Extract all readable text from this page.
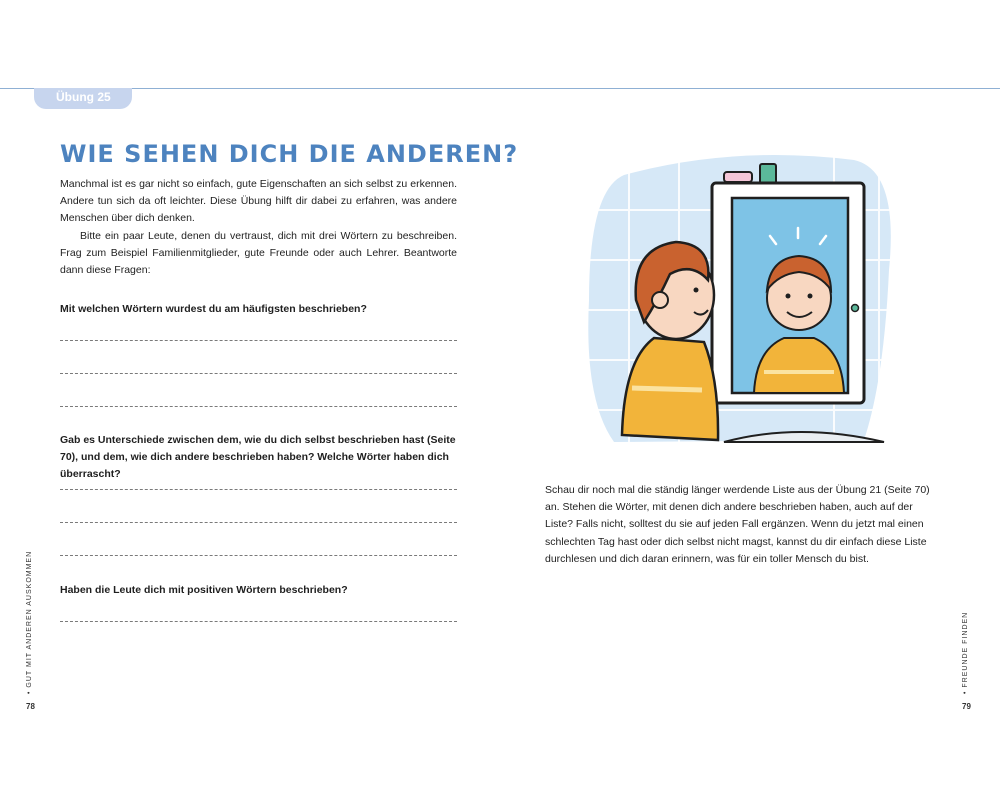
Übung 25
WIE SEHEN DICH DIE ANDEREN?

Manchmal ist es gar nicht so einfach, gute Eigenschaften an sich selbst zu erkennen. Andere tun sich da oft leichter. Diese Übung hilft dir dabei zu erfahren, was andere Menschen über dich denken.

Bitte ein paar Leute, denen du vertraust, dich mit drei Wörtern zu beschreiben. Frag zum Beispiel Familienmitglieder, gute Freunde oder auch Lehrer. Beantworte dann diese Fragen:

Mit welchen Wörtern wurdest du am häufigsten beschrieben?

Gab es Unterschiede zwischen dem, wie du dich selbst beschrieben hast (Seite 70), und dem, wie dich andere beschrieben haben? Welche Wörter haben dich überrascht?

Haben die Leute dich mit positiven Wörtern beschrieben?

Schau dir noch mal die ständig länger werdende Liste aus der Übung 21 (Seite 70) an. Stehen die Wörter, mit denen dich andere beschrieben haben, auch auf der Liste? Falls nicht, solltest du sie auf jeden Fall ergänzen. Wenn du jetzt mal einen schlechten Tag hast oder dich selbst nicht magst, kannst du dir einfach diese Liste durchlesen und dich daran erinnern, was für ein toller Mensch du bist.

• GUT MIT ANDEREN AUSKOMMEN
78
• FREUNDE FINDEN
79
